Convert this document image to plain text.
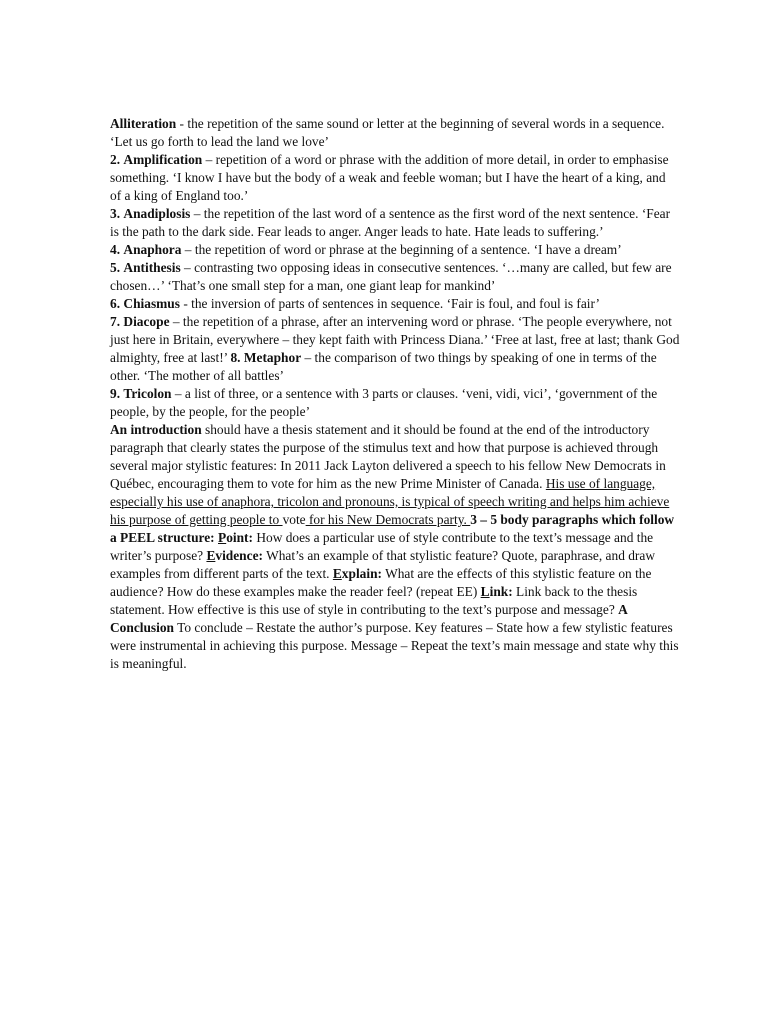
Alliteration - the repetition of the same sound or letter at the beginning of several words in a sequence. ‘Let us go forth to lead the land we love’

2. Amplification – repetition of a word or phrase with the addition of more detail, in order to emphasise something. ‘I know I have but the body of a weak and feeble woman; but I have the heart of a king, and of a king of England too.’

3. Anadiplosis – the repetition of the last word of a sentence as the first word of the next sentence. ‘Fear is the path to the dark side. Fear leads to anger. Anger leads to hate. Hate leads to suffering.’

4. Anaphora – the repetition of word or phrase at the beginning of a sentence. ‘I have a dream’

5. Antithesis – contrasting two opposing ideas in consecutive sentences. ‘…many are called, but few are chosen…’ ‘That’s one small step for a man, one giant leap for mankind’

6. Chiasmus - the inversion of parts of sentences in sequence. ‘Fair is foul, and foul is fair’

7. Diacope – the repetition of a phrase, after an intervening word or phrase. ‘The people everywhere, not just here in Britain, everywhere – they kept faith with Princess Diana.’ ‘Free at last, free at last; thank God almighty, free at last!’ 8. Metaphor – the comparison of two things by speaking of one in terms of the other. ‘The mother of all battles’

9. Tricolon – a list of three, or a sentence with 3 parts or clauses. ‘veni, vidi, vici’, ‘government of the people, by the people, for the people’

An introduction should have a thesis statement and it should be found at the end of the introductory paragraph that clearly states the purpose of the stimulus text and how that purpose is achieved through several major stylistic features: In 2011 Jack Layton delivered a speech to his fellow New Democrats in Québec, encouraging them to vote for him as the new Prime Minister of Canada. His use of language, especially his use of anaphora, tricolon and pronouns, is typical of speech writing and helps him achieve his purpose of getting people to vote for his New Democrats party. 3 – 5 body paragraphs which follow a PEEL structure: Point: How does a particular use of style contribute to the text’s message and the writer’s purpose? Evidence: What’s an example of that stylistic feature? Quote, paraphrase, and draw examples from different parts of the text. Explain: What are the effects of this stylistic feature on the audience? How do these examples make the reader feel? (repeat EE) Link: Link back to the thesis statement. How effective is this use of style in contributing to the text’s purpose and message? A Conclusion To conclude – Restate the author’s purpose. Key features – State how a few stylistic features were instrumental in achieving this purpose. Message – Repeat the text’s main message and state why this is meaningful.
